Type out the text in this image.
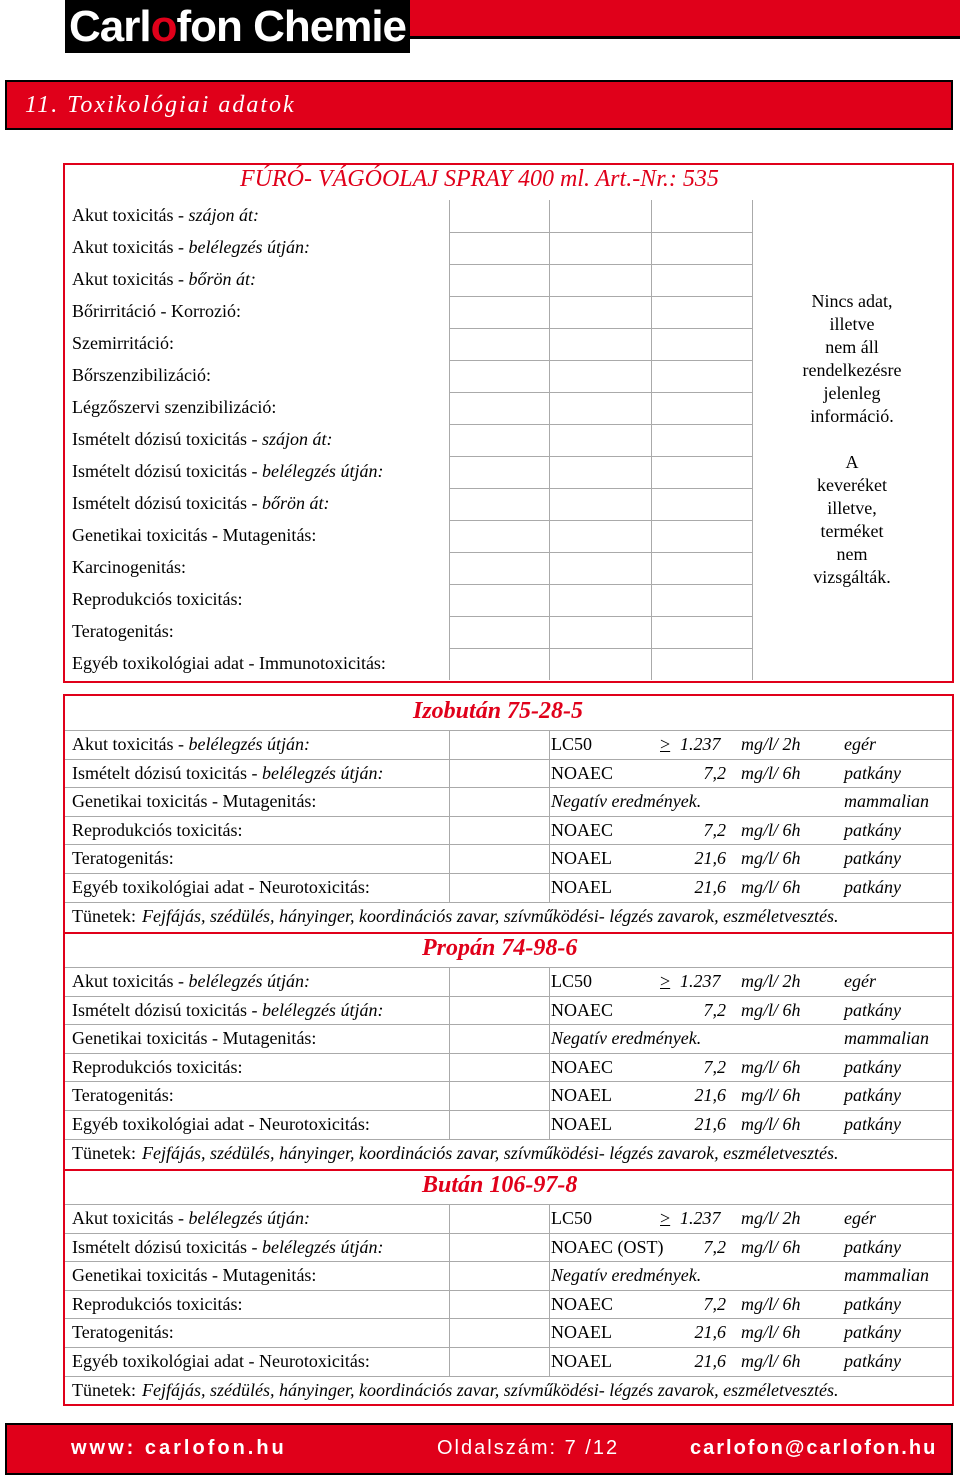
Carlofon Chemie
11. Toxikológiai adatok
FÚRÓ- VÁGÓOLAJ SPRAY 400 ml. Art.-Nr.: 535
Akut toxicitás - szájon át:
Akut toxicitás - belélegzés útján:
Akut toxicitás - bőrön át:
Bőrirritáció - Korrozió:
Szemirritáció:
Bőrszenzibilizáció:
Légzőszervi szenzibilizáció:
Ismételt dózisú toxicitás - szájon át:
Ismételt dózisú toxicitás - belélegzés útján:
Ismételt dózisú toxicitás - bőrön át:
Genetikai toxicitás - Mutagenitás:
Karcinogenitás:
Reprodukciós toxicitás:
Teratogenitás:
Egyéb toxikológiai adat - Immunotoxicitás:

Nincs adat,

illetve

nem áll

rendelkezésre

jelenleg

információ.

A

keveréket

illetve,

terméket

nem

vizsgálták.

Izobután 75-28-5
Akut toxicitás - belélegzés útján:	LC50	≥ 1.237 mg/l/ 2h egér
Ismételt dózisú toxicitás - belélegzés útján:	NOAEC	7,2 mg/l/ 6h patkány
Genetikai toxicitás - Mutagenitás:	Negatív eredmények.	mammalian
Reprodukciós toxicitás:	NOAEC	7,2 mg/l/ 6h patkány
Teratogenitás:	NOAEL	21,6 mg/l/ 6h patkány
Egyéb toxikológiai adat - Neurotoxicitás:	NOAEL	21,6 mg/l/ 6h patkány
Tünetek: Fejfájás, szédülés, hányinger, koordinációs zavar, szívműködési- légzés zavarok, eszméletvesztés.
Propán 74-98-6
Akut toxicitás - belélegzés útján:	LC50	≥ 1.237 mg/l/ 2h egér
Ismételt dózisú toxicitás - belélegzés útján:	NOAEC	7,2 mg/l/ 6h patkány
Genetikai toxicitás - Mutagenitás:	Negatív eredmények.	mammalian
Reprodukciós toxicitás:	NOAEC	7,2 mg/l/ 6h patkány
Teratogenitás:	NOAEL	21,6 mg/l/ 6h patkány
Egyéb toxikológiai adat - Neurotoxicitás:	NOAEL	21,6 mg/l/ 6h patkány
Tünetek: Fejfájás, szédülés, hányinger, koordinációs zavar, szívműködési- légzés zavarok, eszméletvesztés.
Bután 106-97-8
Akut toxicitás - belélegzés útján:	LC50	≥ 1.237 mg/l/ 2h egér
Ismételt dózisú toxicitás - belélegzés útján:	NOAEC (OST)	7,2 mg/l/ 6h patkány
Genetikai toxicitás - Mutagenitás:	Negatív eredmények.	mammalian
Reprodukciós toxicitás:	NOAEC	7,2 mg/l/ 6h patkány
Teratogenitás:	NOAEL	21,6 mg/l/ 6h patkány
Egyéb toxikológiai adat - Neurotoxicitás:	NOAEL	21,6 mg/l/ 6h patkány
Tünetek: Fejfájás, szédülés, hányinger, koordinációs zavar, szívműködési- légzés zavarok, eszméletvesztés.
www: carlofon.hu	Oldalszám: 7 /12	carlofon@carlofon.hu
